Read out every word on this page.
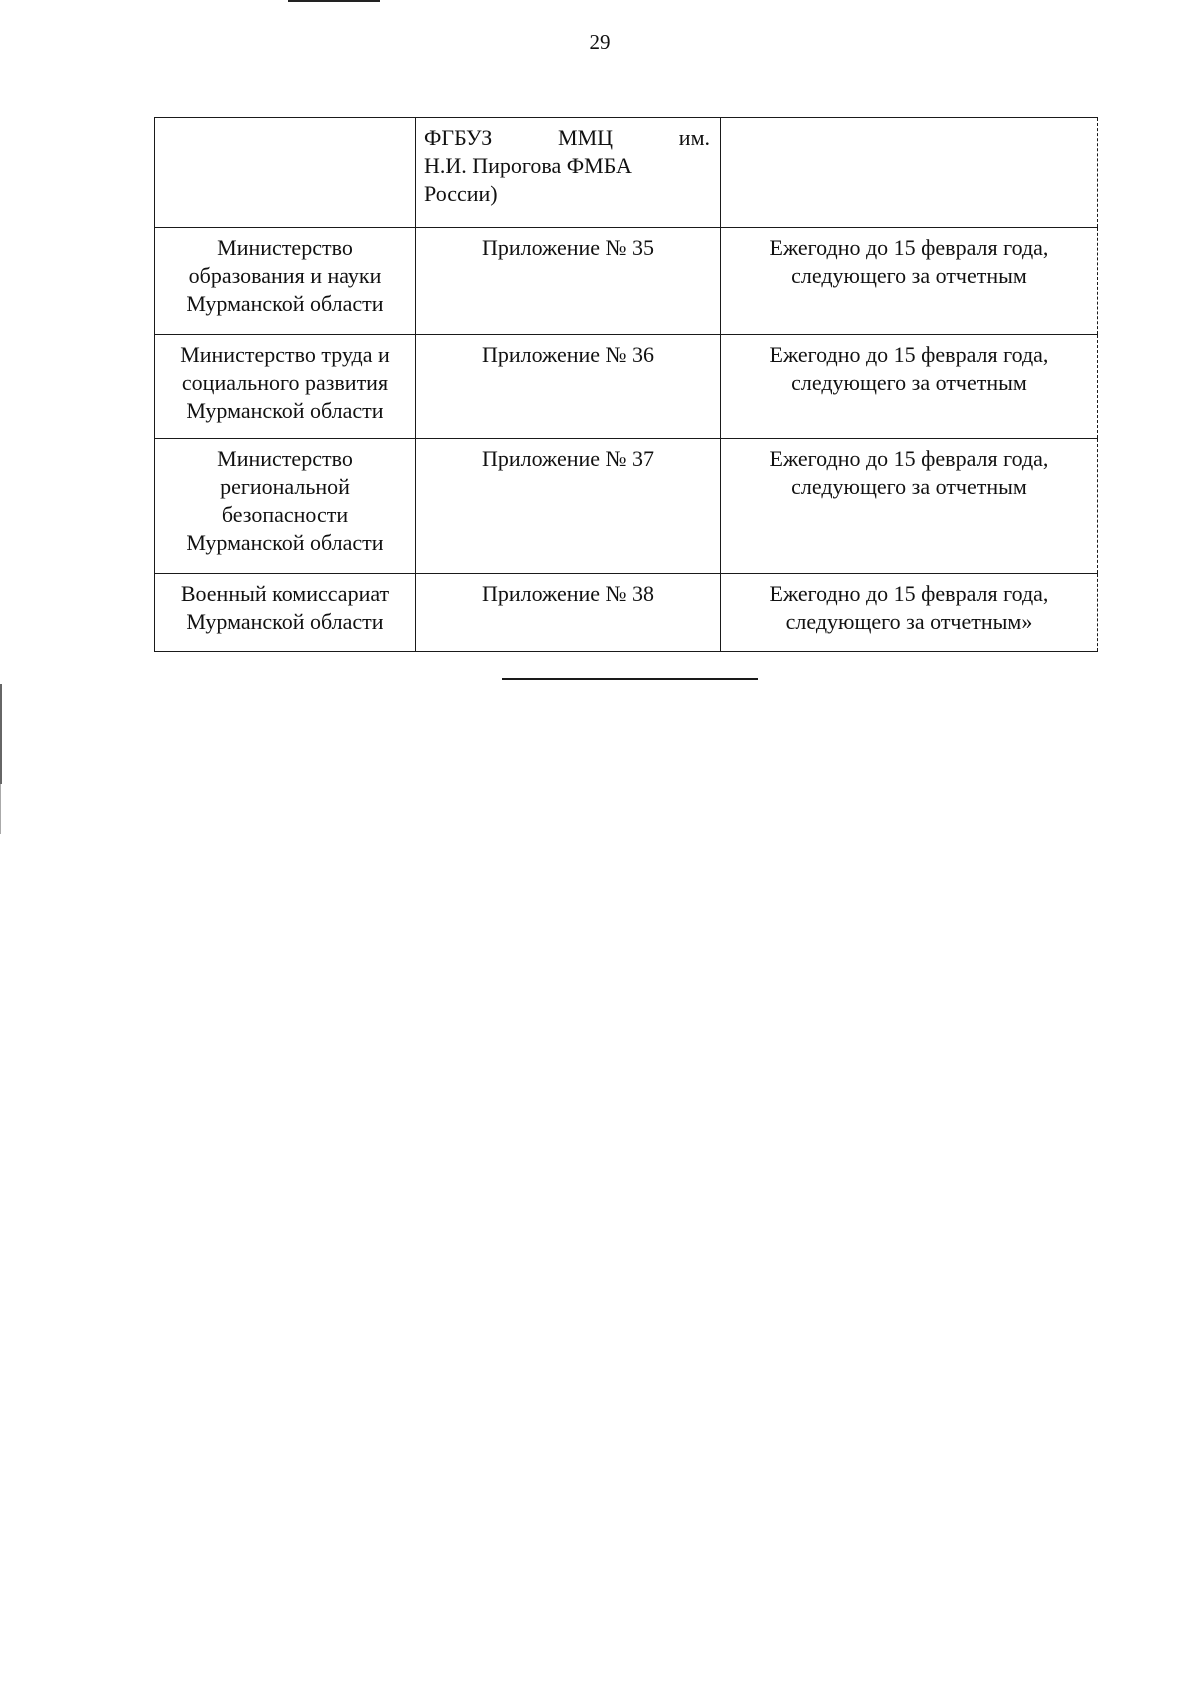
29

	ФГБУЗ ММЦ им.
Н.И. Пирогова ФМБА
России)	

Министерство образования и науки Мурманской области	Приложение № 35	Ежегодно до 15 февраля года, следующего за отчетным
Министерство труда и социального развития Мурманской области	Приложение № 36	Ежегодно до 15 февраля года, следующего за отчетным
Министерство региональной безопасности Мурманской области	Приложение № 37	Ежегодно до 15 февраля года, следующего за отчетным
Военный комиссариат Мурманской области	Приложение № 38	Ежегодно до 15 февраля года, следующего за отчетным»
